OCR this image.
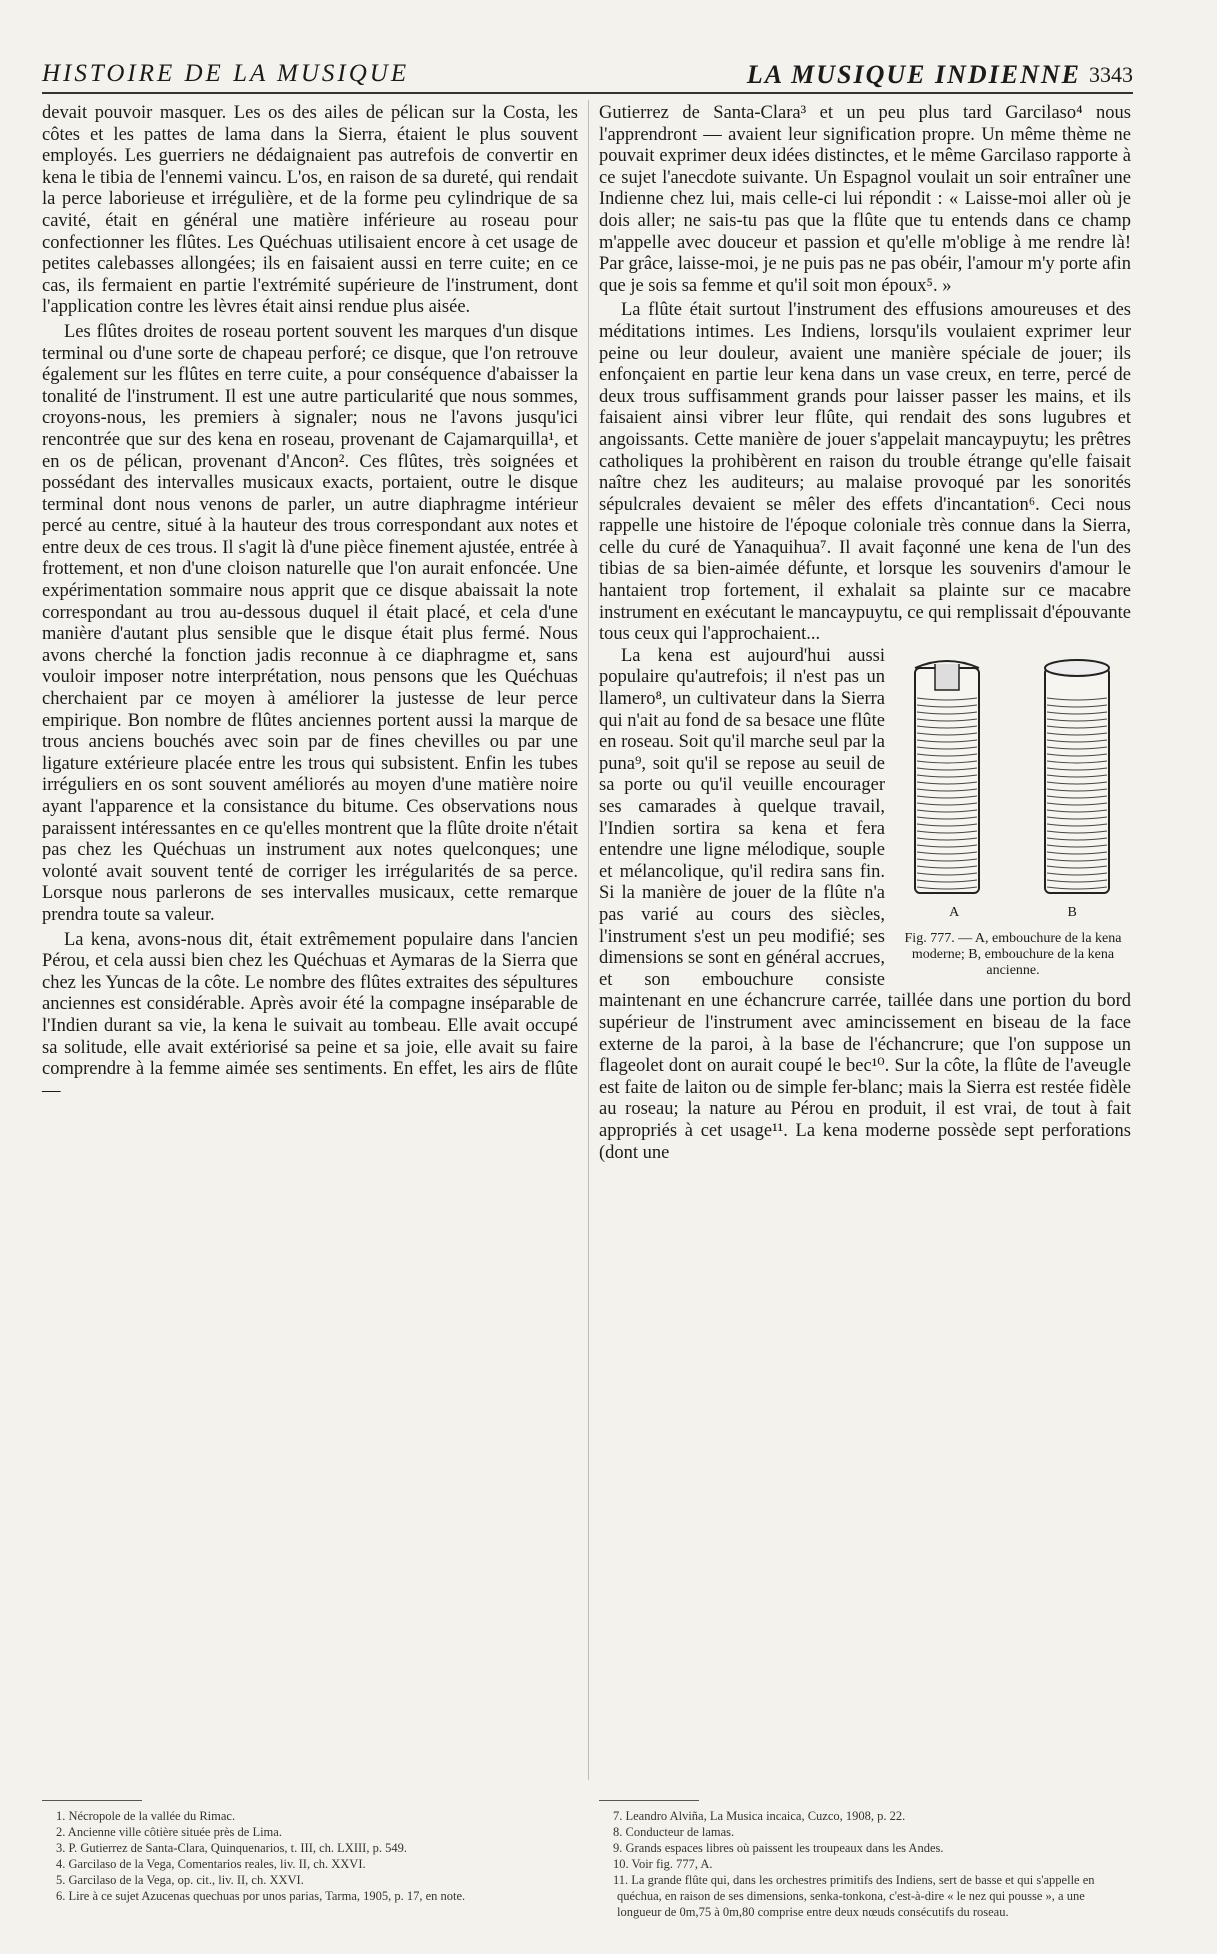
HISTOIRE DE LA MUSIQUE	LA MUSIQUE INDIENNE 3343

devait pouvoir masquer. Les os des ailes de pélican sur la Costa, les côtes et les pattes de lama dans la Sierra, étaient le plus souvent employés. Les guerriers ne dédaignaient pas autrefois de convertir en kena le tibia de l'ennemi vaincu. L'os, en raison de sa dureté, qui rendait la perce laborieuse et irrégulière, et de la forme peu cylindrique de sa cavité, était en général une matière inférieure au roseau pour confectionner les flûtes. Les Quéchuas utilisaient encore à cet usage de petites calebasses allongées; ils en faisaient aussi en terre cuite; en ce cas, ils fermaient en partie l'extrémité supérieure de l'instrument, dont l'application contre les lèvres était ainsi rendue plus aisée.

Les flûtes droites de roseau portent souvent les marques d'un disque terminal ou d'une sorte de chapeau perforé; ce disque, que l'on retrouve également sur les flûtes en terre cuite, a pour conséquence d'abaisser la tonalité de l'instrument. Il est une autre particularité que nous sommes, croyons-nous, les premiers à signaler; nous ne l'avons jusqu'ici rencontrée que sur des kena en roseau, provenant de Cajamarquilla¹, et en os de pélican, provenant d'Ancon². Ces flûtes, très soignées et possédant des intervalles musicaux exacts, portaient, outre le disque terminal dont nous venons de parler, un autre diaphragme intérieur percé au centre, situé à la hauteur des trous correspondant aux notes et entre deux de ces trous. Il s'agit là d'une pièce finement ajustée, entrée à frottement, et non d'une cloison naturelle que l'on aurait enfoncée. Une expérimentation sommaire nous apprit que ce disque abaissait la note correspondant au trou au-dessous duquel il était placé, et cela d'une manière d'autant plus sensible que le disque était plus fermé. Nous avons cherché la fonction jadis reconnue à ce diaphragme et, sans vouloir imposer notre interprétation, nous pensons que les Quéchuas cherchaient par ce moyen à améliorer la justesse de leur perce empirique. Bon nombre de flûtes anciennes portent aussi la marque de trous anciens bouchés avec soin par de fines chevilles ou par une ligature extérieure placée entre les trous qui subsistent. Enfin les tubes irréguliers en os sont souvent améliorés au moyen d'une matière noire ayant l'apparence et la consistance du bitume. Ces observations nous paraissent intéressantes en ce qu'elles montrent que la flûte droite n'était pas chez les Quéchuas un instrument aux notes quelconques; une volonté avait souvent tenté de corriger les irrégularités de sa perce. Lorsque nous parlerons de ses intervalles musicaux, cette remarque prendra toute sa valeur.

La kena, avons-nous dit, était extrêmement populaire dans l'ancien Pérou, et cela aussi bien chez les Quéchuas et Aymaras de la Sierra que chez les Yuncas de la côte. Le nombre des flûtes extraites des sépultures anciennes est considérable. Après avoir été la compagne inséparable de l'Indien durant sa vie, la kena le suivait au tombeau. Elle avait occupé sa solitude, elle avait extériorisé sa peine et sa joie, elle avait su faire comprendre à la femme aimée ses sentiments. En effet, les airs de flûte —

Gutierrez de Santa-Clara³ et un peu plus tard Garcilaso⁴ nous l'apprendront — avaient leur signification propre. Un même thème ne pouvait exprimer deux idées distinctes, et le même Garcilaso rapporte à ce sujet l'anecdote suivante. Un Espagnol voulait un soir entraîner une Indienne chez lui, mais celle-ci lui répondit : « Laisse-moi aller où je dois aller; ne sais-tu pas que la flûte que tu entends dans ce champ m'appelle avec douceur et passion et qu'elle m'oblige à me rendre là! Par grâce, laisse-moi, je ne puis pas ne pas obéir, l'amour m'y porte afin que je sois sa femme et qu'il soit mon époux⁵. »

La flûte était surtout l'instrument des effusions amoureuses et des méditations intimes. Les Indiens, lorsqu'ils voulaient exprimer leur peine ou leur douleur, avaient une manière spéciale de jouer; ils enfonçaient en partie leur kena dans un vase creux, en terre, percé de deux trous suffisamment grands pour laisser passer les mains, et ils faisaient ainsi vibrer leur flûte, qui rendait des sons lugubres et angoissants. Cette manière de jouer s'appelait mancaypuytu; les prêtres catholiques la prohibèrent en raison du trouble étrange qu'elle faisait naître chez les auditeurs; au malaise provoqué par les sonorités sépulcrales devaient se mêler des effets d'incantation⁶. Ceci nous rappelle une histoire de l'époque coloniale très connue dans la Sierra, celle du curé de Yanaquihua⁷. Il avait façonné une kena de l'un des tibias de sa bien-aimée défunte, et lorsque les souvenirs d'amour le hantaient trop fortement, il exhalait sa plainte sur ce macabre instrument en exécutant le mancaypuytu, ce qui remplissait d'épouvante tous ceux qui l'approchaient...

A	B
Fig. 777. — A, embouchure de la kena moderne; B, embouchure de la kena ancienne.

La kena est aujourd'hui aussi populaire qu'autrefois; il n'est pas un llamero⁸, un cultivateur dans la Sierra qui n'ait au fond de sa besace une flûte en roseau. Soit qu'il marche seul par la puna⁹, soit qu'il se repose au seuil de sa porte ou qu'il veuille encourager ses camarades à quelque travail, l'Indien sortira sa kena et fera entendre une ligne mélodique, souple et mélancolique, qu'il redira sans fin. Si la manière de jouer de la flûte n'a pas varié au cours des siècles, l'instrument s'est un peu modifié; ses dimensions se sont en général accrues, et son embouchure consiste maintenant en une échancrure carrée, taillée dans une portion du bord supérieur de l'instrument avec amincissement en biseau de la face externe de la paroi, à la base de l'échancrure; que l'on suppose un flageolet dont on aurait coupé le bec¹⁰. Sur la côte, la flûte de l'aveugle est faite de laiton ou de simple fer-blanc; mais la Sierra est restée fidèle au roseau; la nature au Pérou en produit, il est vrai, de tout à fait appropriés à cet usage¹¹. La kena moderne possède sept perforations (dont une

1. Nécropole de la vallée du Rimac.

2. Ancienne ville côtière située près de Lima.

3. P. Gutierrez de Santa-Clara, Quinquenarios, t. III, ch. LXIII, p. 549.

4. Garcilaso de la Vega, Comentarios reales, liv. II, ch. XXVI.

5. Garcilaso de la Vega, op. cit., liv. II, ch. XXVI.

6. Lire à ce sujet Azucenas quechuas por unos parias, Tarma, 1905, p. 17, en note.

7. Leandro Alviña, La Musica incaica, Cuzco, 1908, p. 22.

8. Conducteur de lamas.

9. Grands espaces libres où paissent les troupeaux dans les Andes.

10. Voir fig. 777, A.

11. La grande flûte qui, dans les orchestres primitifs des Indiens, sert de basse et qui s'appelle en quéchua, en raison de ses dimensions, senka-tonkona, c'est-à-dire « le nez qui pousse », a une longueur de 0m,75 à 0m,80 comprise entre deux nœuds consécutifs du roseau.
